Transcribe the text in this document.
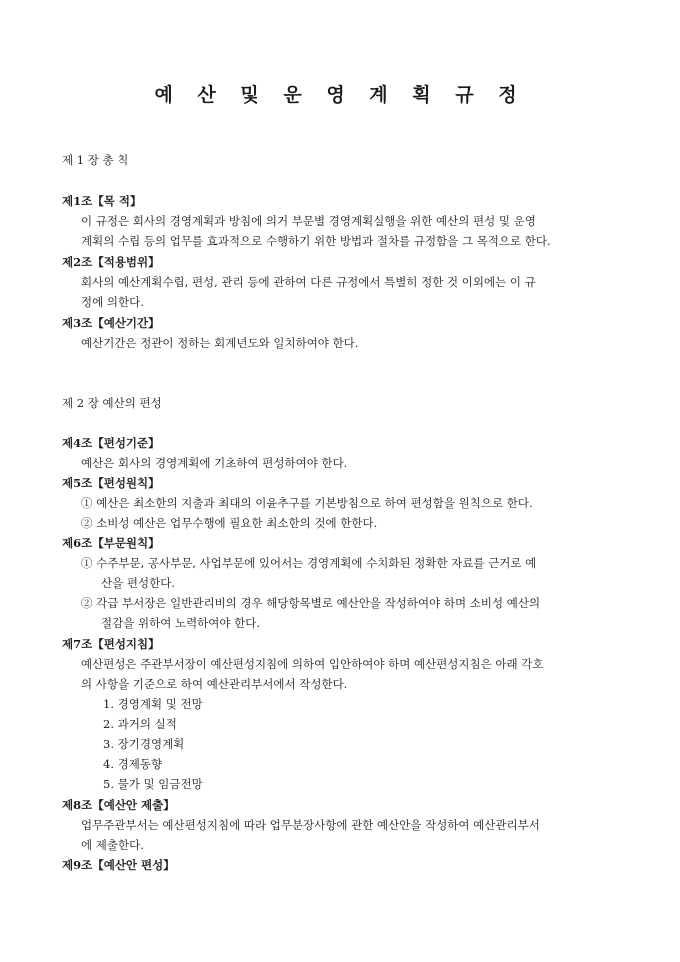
예 산 및 운 영 계 획 규 정
제 1 장 총 칙
제1조【목 적】
이 규정은 회사의 경영계획과 방침에 의거 부문별 경영계획실행을 위한 예산의 편성 및 운영
계획의 수립 등의 업무를 효과적으로 수행하기 위한 방법과 절차를 규정함을 그 목적으로 한다.
제2조【적용범위】
회사의 예산계획수립, 편성, 관리 등에 관하여 다른 규정에서 특별히 정한 것 이외에는 이 규
정에 의한다.
제3조【예산기간】
예산기간은 정관이 정하는 회계년도와 일치하여야 한다.
제 2 장 예산의 편성
제4조【편성기준】
예산은 회사의 경영계획에 기초하여 편성하여야 한다.
제5조【편성원칙】
① 예산은 최소한의 지출과 최대의 이윤추구를 기본방침으로 하여 편성함을 원칙으로 한다.
② 소비성 예산은 업무수행에 필요한 최소한의 것에 한한다.
제6조【부문원칙】
① 수주부문, 공사부문, 사업부문에 있어서는 경영계획에 수치화된 정확한 자료를 근거로 예
산을 편성한다.
② 각급 부서장은 일반관리비의 경우 해당항목별로 예산안을 작성하여야 하며 소비성 예산의
절감을 위하여 노력하여야 한다.
제7조【편성지침】
예산편성은 주관부서장이 예산편성지침에 의하여 입안하여야 하며 예산편성지침은 아래 각호
의 사항을 기준으로 하여 예산관리부서에서 작성한다.
1. 경영계획 및 전망
2. 과거의 실적
3. 장기경영계획
4. 경제동향
5. 물가 및 임금전망
제8조【예산안 제출】
업무주관부서는 예산편성지침에 따라 업무분장사항에 관한 예산안을 작성하여 예산관리부서
에 제출한다.
제9조【예산안 편성】
